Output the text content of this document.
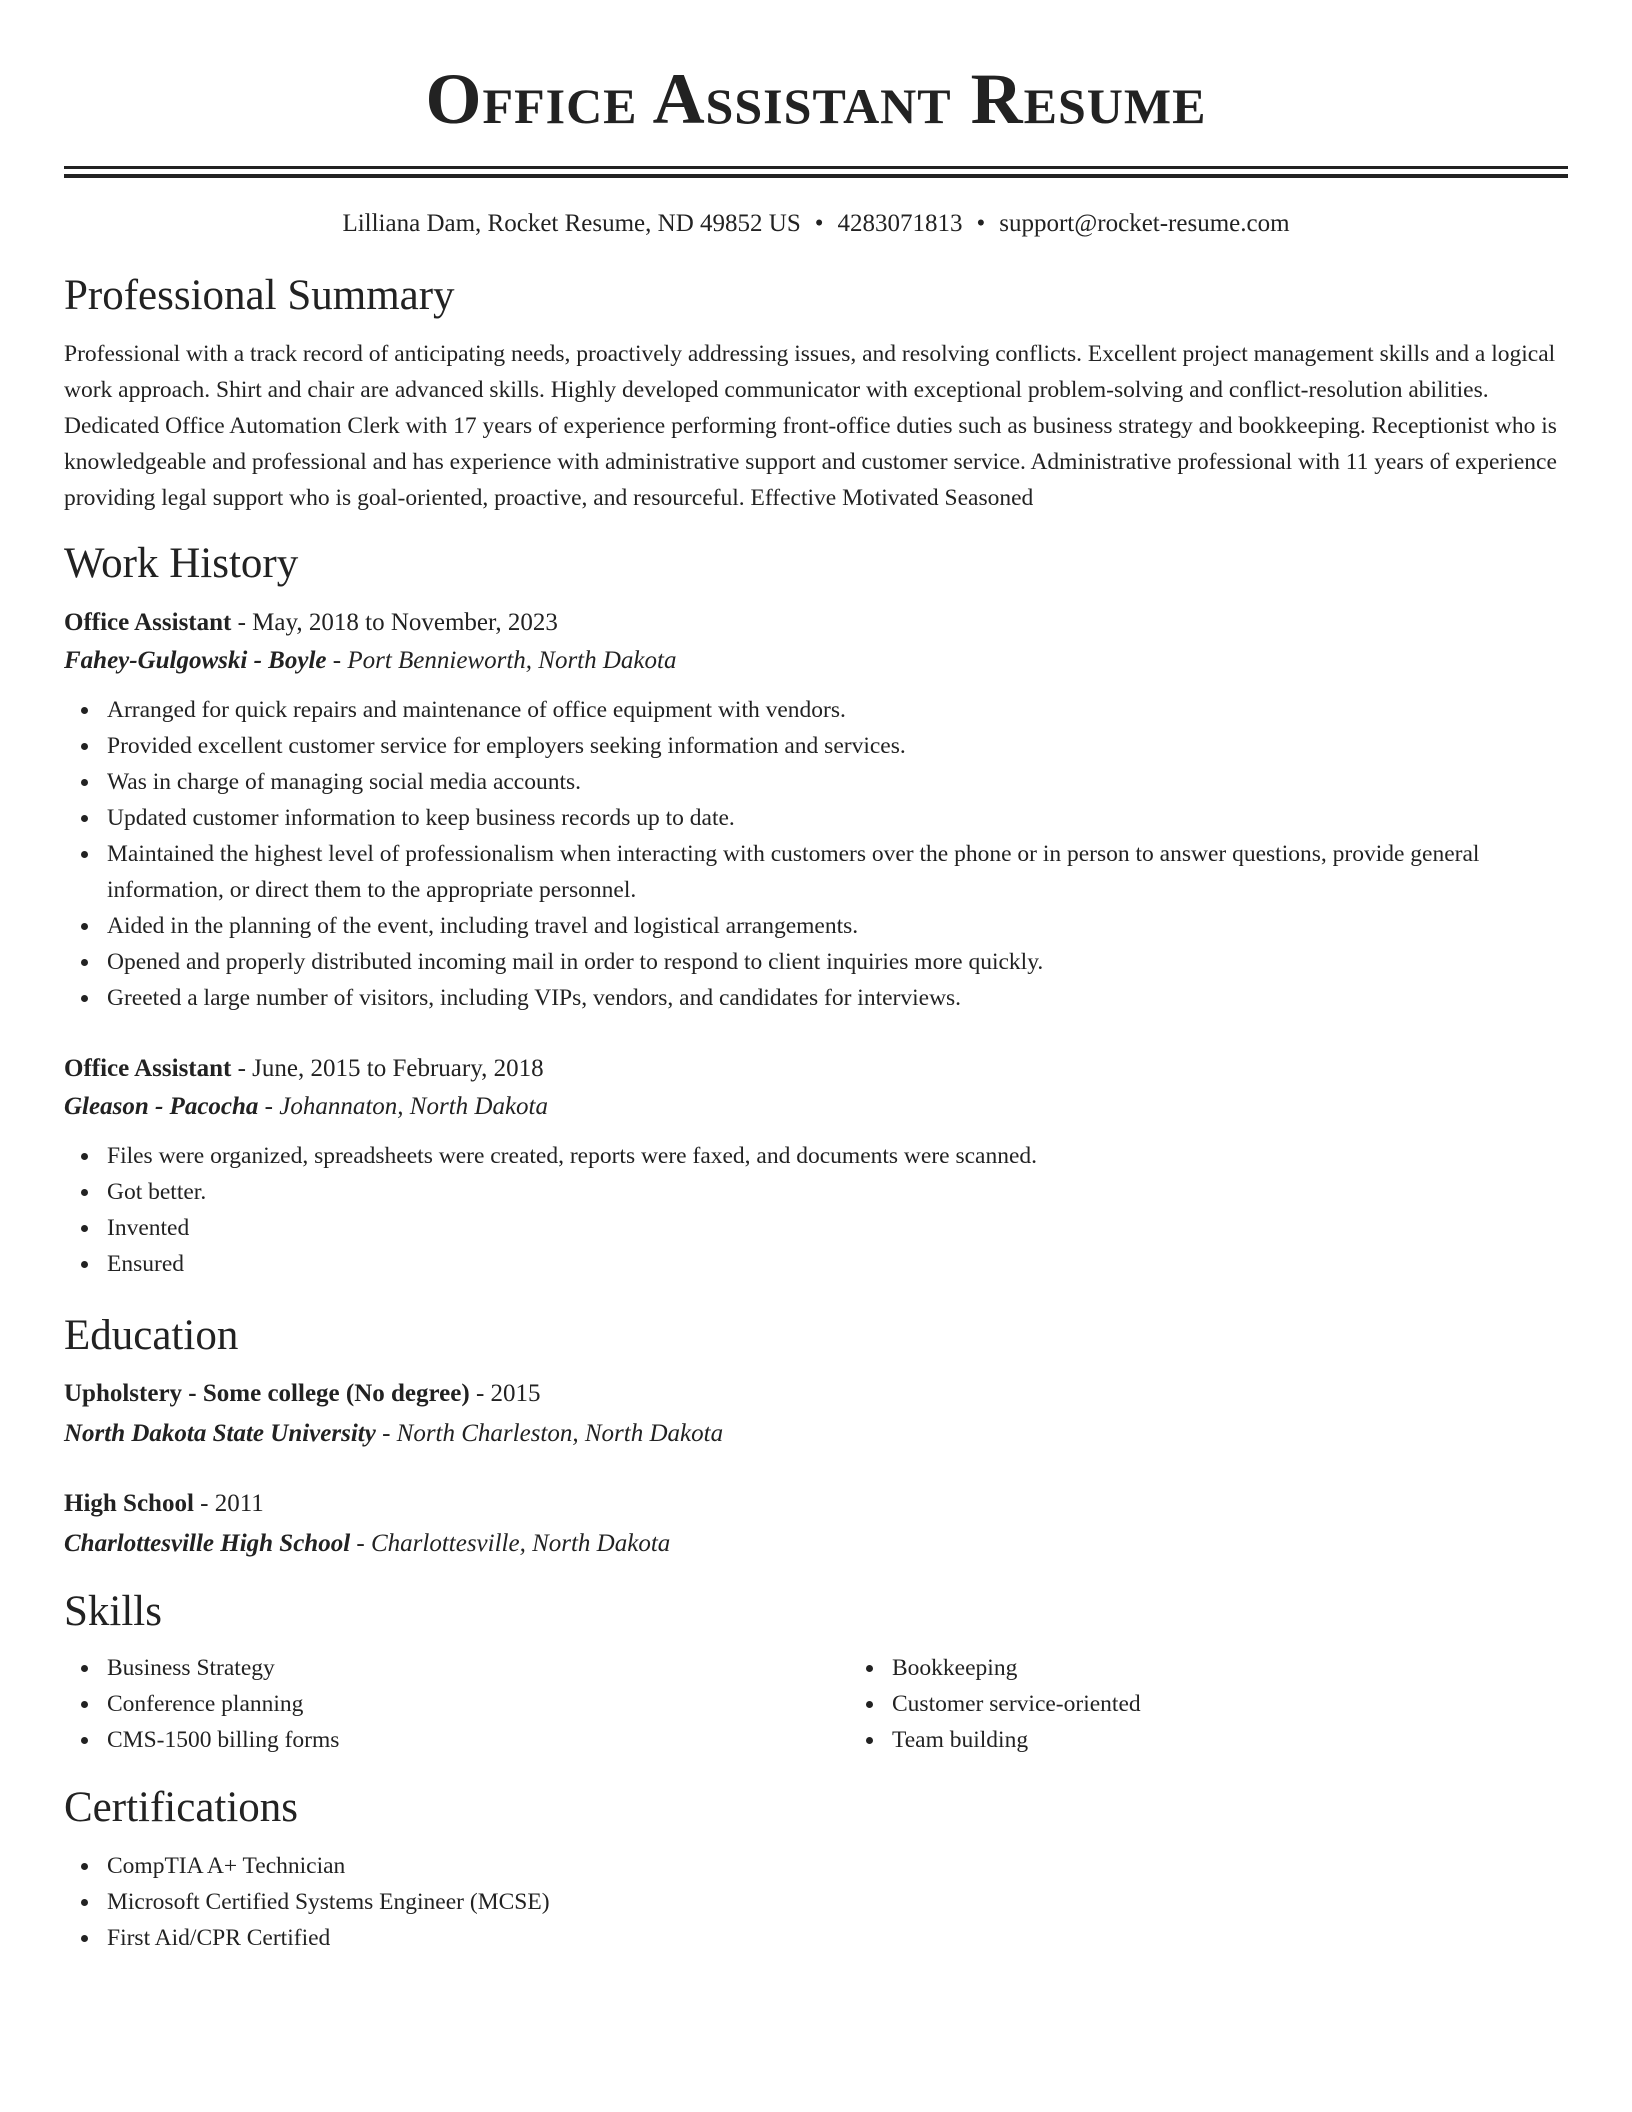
Office Assistant Resume
Lilliana Dam, Rocket Resume, ND 49852 US • 4283071813 • support@rocket-resume.com
Professional Summary

Professional with a track record of anticipating needs, proactively addressing issues, and resolving conflicts. Excellent project management skills and a logical work approach. Shirt and chair are advanced skills. Highly developed communicator with exceptional problem-solving and conflict-resolution abilities. Dedicated Office Automation Clerk with 17 years of experience performing front-office duties such as business strategy and bookkeeping. Receptionist who is knowledgeable and professional and has experience with administrative support and customer service. Administrative professional with 11 years of experience providing legal support who is goal-oriented, proactive, and resourceful. Effective Motivated Seasoned

Work History
Office Assistant - May, 2018 to November, 2023
Fahey-Gulgowski - Boyle - Port Bennieworth, North Dakota
Arranged for quick repairs and maintenance of office equipment with vendors.
Provided excellent customer service for employers seeking information and services.
Was in charge of managing social media accounts.
Updated customer information to keep business records up to date.
Maintained the highest level of professionalism when interacting with customers over the phone or in person to answer questions, provide general information, or direct them to the appropriate personnel.
Aided in the planning of the event, including travel and logistical arrangements.
Opened and properly distributed incoming mail in order to respond to client inquiries more quickly.
Greeted a large number of visitors, including VIPs, vendors, and candidates for interviews.
Office Assistant - June, 2015 to February, 2018
Gleason - Pacocha - Johannaton, North Dakota
Files were organized, spreadsheets were created, reports were faxed, and documents were scanned.
Got better.
Invented
Ensured
Education
Upholstery - Some college (No degree) - 2015
North Dakota State University - North Charleston, North Dakota
High School - 2011
Charlottesville High School - Charlottesville, North Dakota
Skills
Business Strategy
Conference planning
CMS-1500 billing forms
Bookkeeping
Customer service-oriented
Team building
Certifications
CompTIA A+ Technician
Microsoft Certified Systems Engineer (MCSE)
First Aid/CPR Certified
